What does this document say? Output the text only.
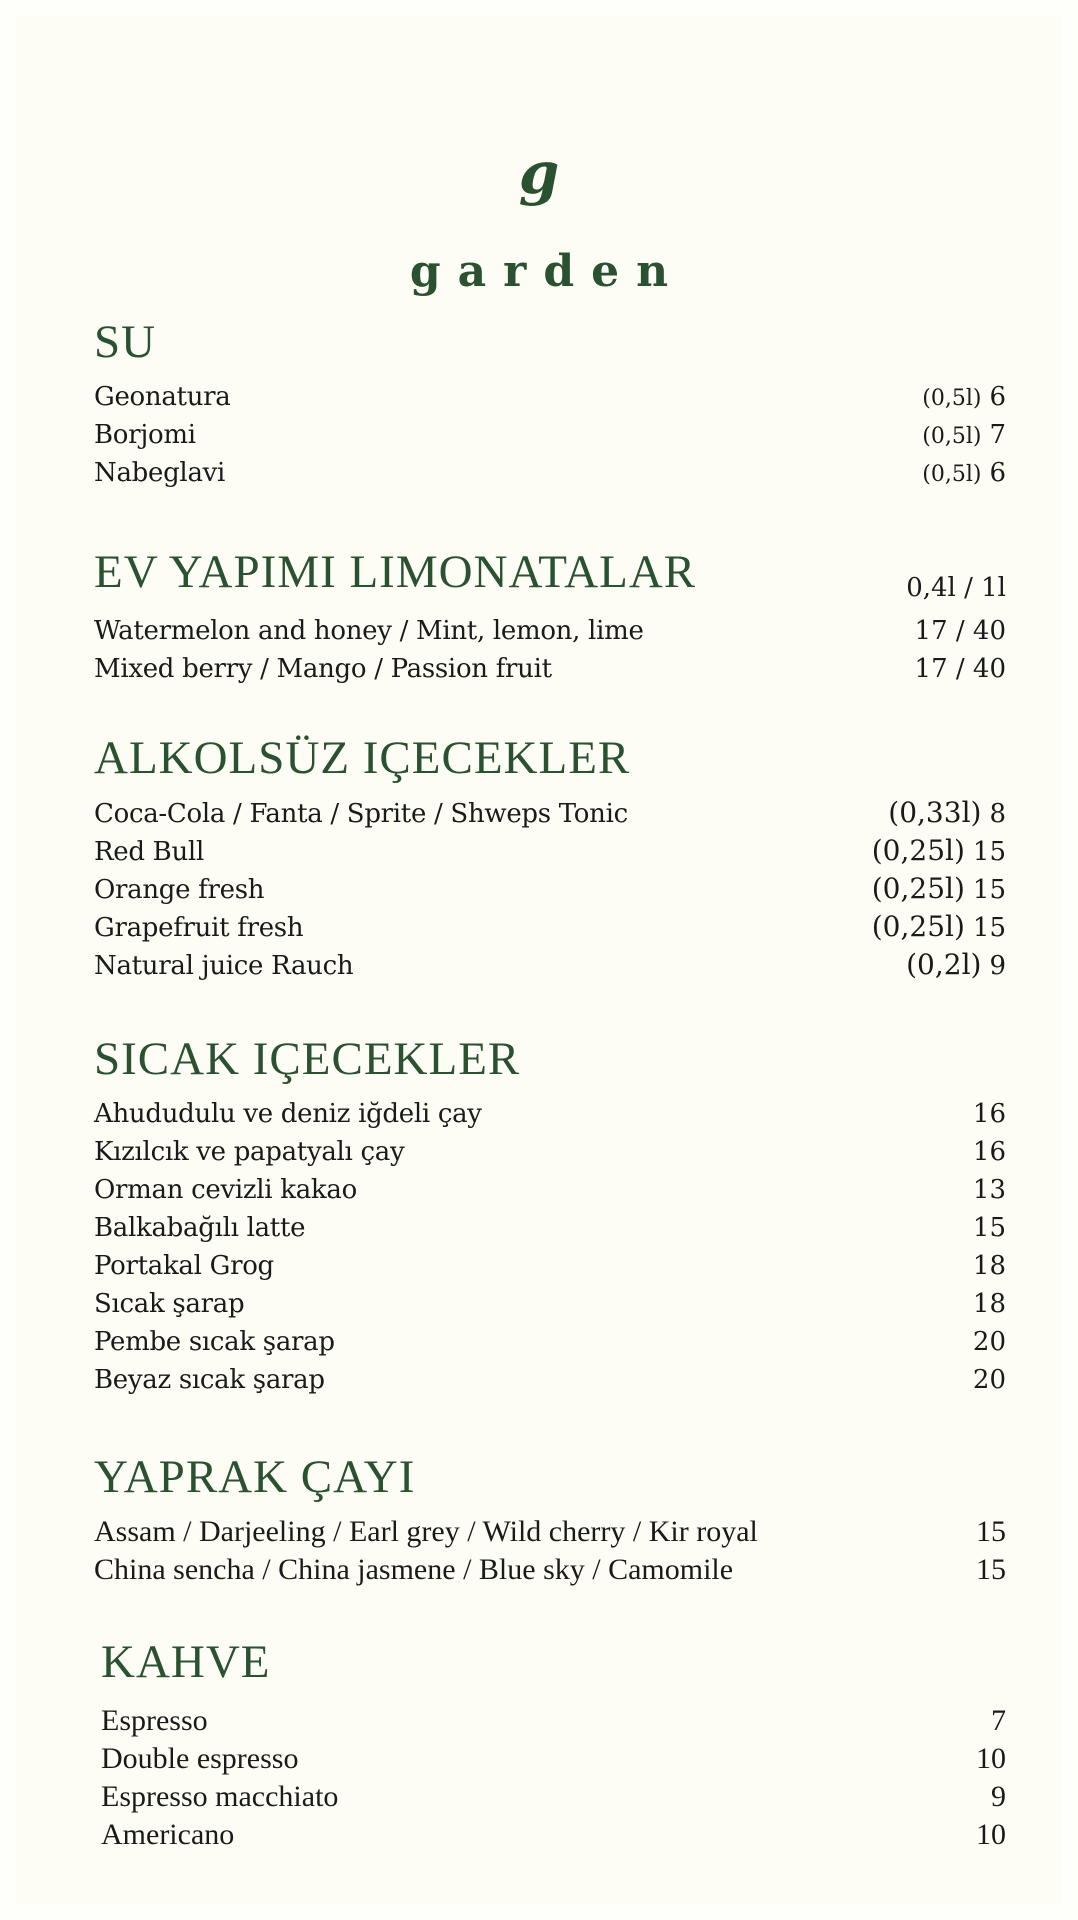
g
garden
SU
Geonatura	(0,5l) 6
Borjomi	(0,5l) 7
Nabeglavi	(0,5l) 6
EV YAPIMI LIMONATALAR	0,4l / 1l
Watermelon and honey / Mint, lemon, lime	17 / 40
Mixed berry / Mango / Passion fruit	17 / 40
ALKOLSÜZ IÇECEKLER
Coca-Cola / Fanta / Sprite / Shweps Tonic	(0,33l) 8
Red Bull	(0,25l) 15
Orange fresh	(0,25l) 15
Grapefruit fresh	(0,25l) 15
Natural juice Rauch	(0,2l) 9
SICAK IÇECEKLER
Ahududulu ve deniz iğdeli çay	16
Kızılcık ve papatyalı çay	16
Orman cevizli kakao	13
Balkabağılı latte	15
Portakal Grog	18
Sıcak şarap	18
Pembe sıcak şarap	20
Beyaz sıcak şarap	20
YAPRAK ÇAYI
Assam / Darjeeling / Earl grey / Wild cherry / Kir royal	15
China sencha / China jasmene / Blue sky / Camomile	15
KAHVE
Espresso	7
Double espresso	10
Espresso macchiato	9
Americano	10
